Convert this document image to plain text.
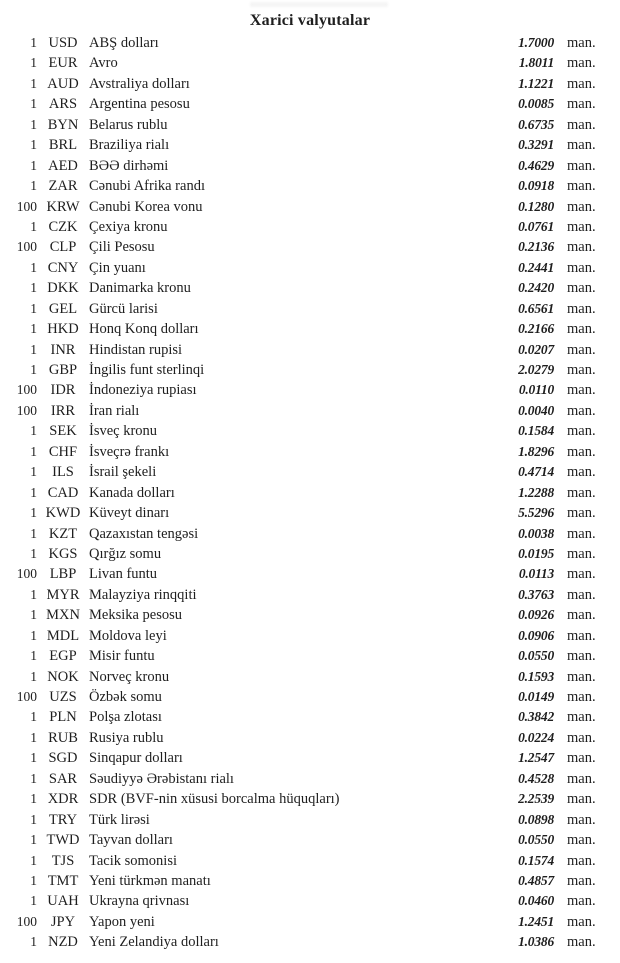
Xarici valyutalar
1 USD ABŞ dolları	1.7000 man.
1 EUR Avro	1.8011 man.
1 AUD Avstraliya dolları	1.1221 man.
1 ARS Argentina pesosu	0.0085 man.
1 BYN Belarus rublu	0.6735 man.
1 BRL Braziliya rialı	0.3291 man.
1 AED BƏƏ dirhəmi	0.4629 man.
1 ZAR Cənubi Afrika randı	0.0918 man.
100 KRW Cənubi Korea vonu	0.1280 man.
1 CZK Çexiya kronu	0.0761 man.
100 CLP Çili Pesosu	0.2136 man.
1 CNY Çin yuanı	0.2441 man.
1 DKK Danimarka kronu	0.2420 man.
1 GEL Gürcü larisi	0.6561 man.
1 HKD Honq Konq dolları	0.2166 man.
1 INR Hindistan rupisi	0.0207 man.
1 GBP İngilis funt sterlinqi	2.0279 man.
100 IDR İndoneziya rupiası	0.0110 man.
100 IRR İran rialı	0.0040 man.
1 SEK İsveç kronu	0.1584 man.
1 CHF İsveçrə frankı	1.8296 man.
1	ILS	İsrail şekeli	0.4714 man.
1 CAD Kanada dolları	1.2288 man.
1 KWD Küveyt dinarı	5.5296 man.
1 KZT Qazaxıstan tengəsi	0.0038 man.
1 KGS Qırğız somu	0.0195 man.
100 LBP Livan funtu	0.0113 man.
1 MYR Malayziya rinqqiti	0.3763 man.
1 MXN Meksika pesosu	0.0926 man.
1 MDL Moldova leyi	0.0906 man.
1 EGP Misir funtu	0.0550 man.
1 NOK Norveç kronu	0.1593 man.
100 UZS Özbək somu	0.0149 man.
1 PLN Polşa zlotası	0.3842 man.
1 RUB Rusiya rublu	0.0224 man.
1 SGD Sinqapur dolları	1.2547 man.
1 SAR Səudiyyə Ərəbistanı rialı	0.4528 man.
1 XDR SDR (BVF-nin xüsusi borcalma hüquqları)	2.2539 man.
1 TRY Türk lirəsi	0.0898 man.
1 TWD Tayvan dolları	0.0550 man.
1	TJS	Tacik somonisi	0.1574 man.
1 TMT Yeni türkmən manatı	0.4857 man.
1 UAH Ukrayna qrivnası	0.0460 man.
100 JPY Yapon yeni	1.2451 man.
1 NZD Yeni Zelandiya dolları	1.0386 man.
